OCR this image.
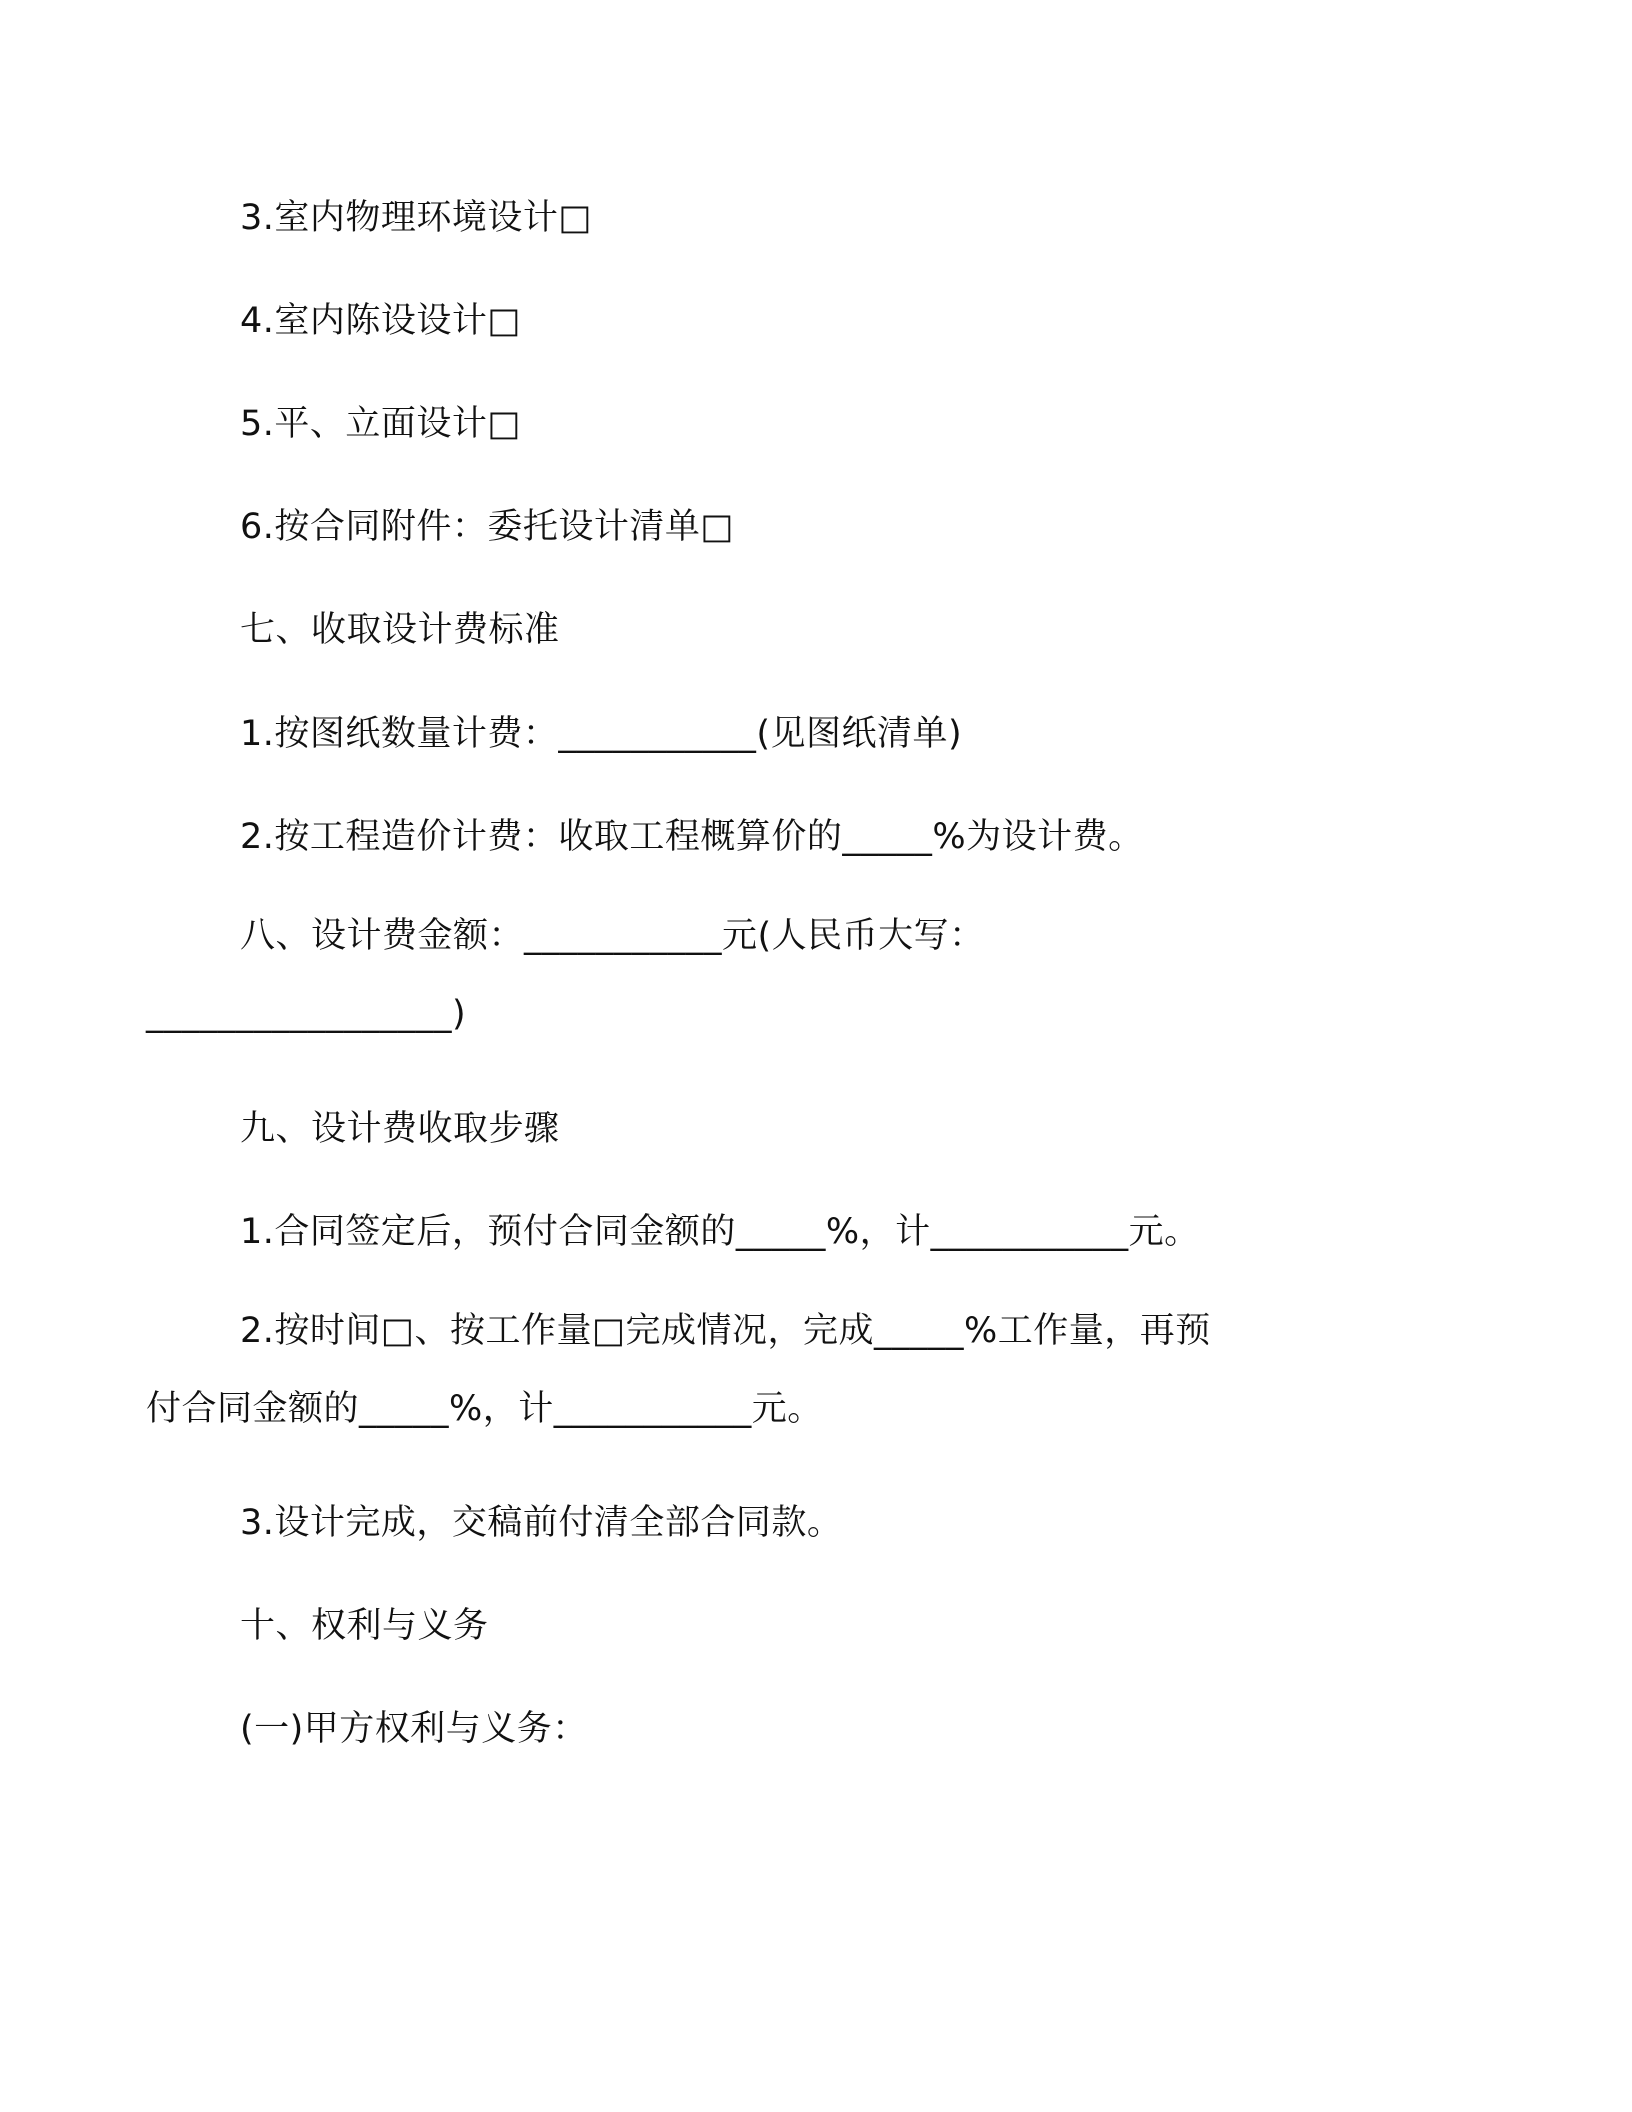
3.室内物理环境设计□
4.室内陈设设计□
5.平、立面设计□
6.按合同附件：委托设计清单□
七、收取设计费标准
1.按图纸数量计费：___________(见图纸清单)
2.按工程造价计费：收取工程概算价的_____%为设计费。
八、设计费金额：___________元(人民币大写：
_________________)
九、设计费收取步骤
1.合同签定后，预付合同金额的_____%，计___________元。
2.按时间□、按工作量□完成情况，完成_____%工作量，再预
付合同金额的_____%，计___________元。
3.设计完成，交稿前付清全部合同款。
十、权利与义务
(一)甲方权利与义务：
